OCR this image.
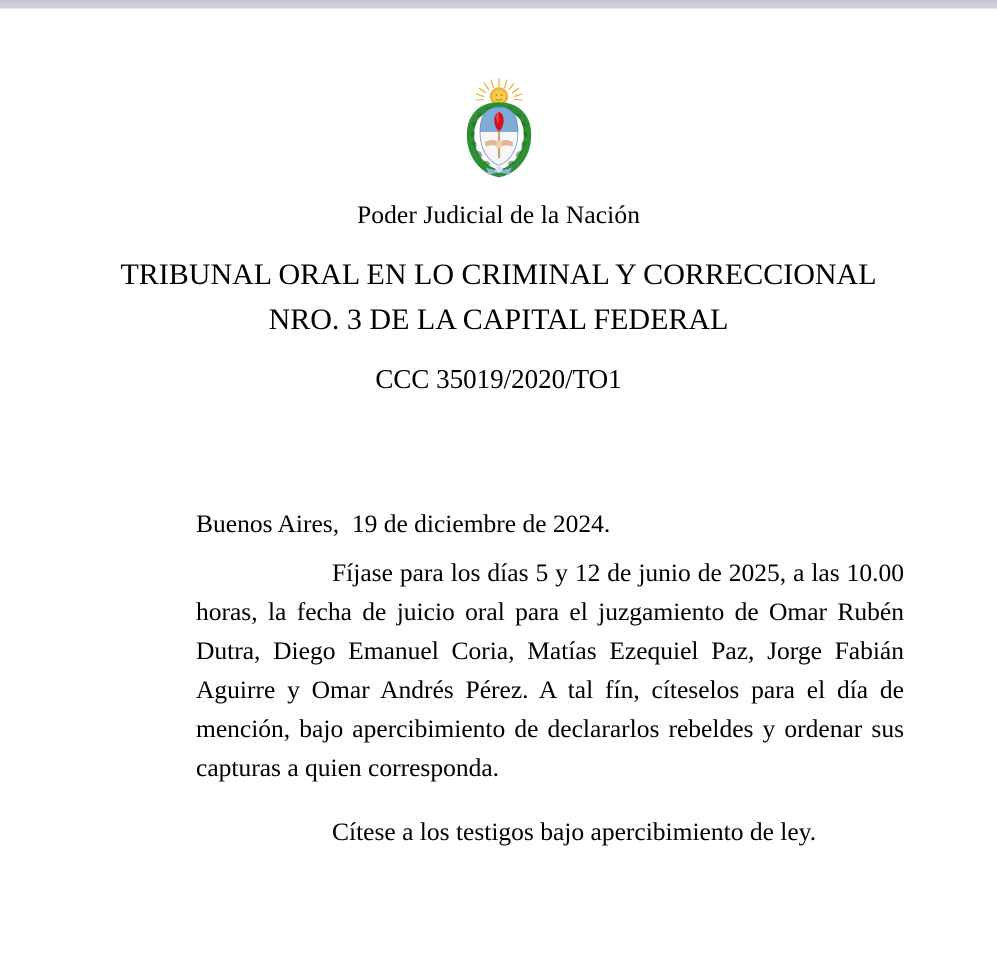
Poder Judicial de la Nación
TRIBUNAL ORAL EN LO CRIMINAL Y CORRECCIONAL NRO. 3 DE LA CAPITAL FEDERAL
CCC 35019/2020/TO1
Buenos Aires,  19 de diciembre de 2024.

Fíjase para los días 5 y 12 de junio de 2025, a las 10.00 horas, la fecha de juicio oral para el juzgamiento de Omar Rubén Dutra, Diego Emanuel Coria, Matías Ezequiel Paz, Jorge Fabián Aguirre y Omar Andrés Pérez. A tal fín, cíteselos para el día de mención, bajo apercibimiento de declararlos rebeldes y ordenar sus capturas a quien corresponda.

Cítese a los testigos bajo apercibimiento de ley.
